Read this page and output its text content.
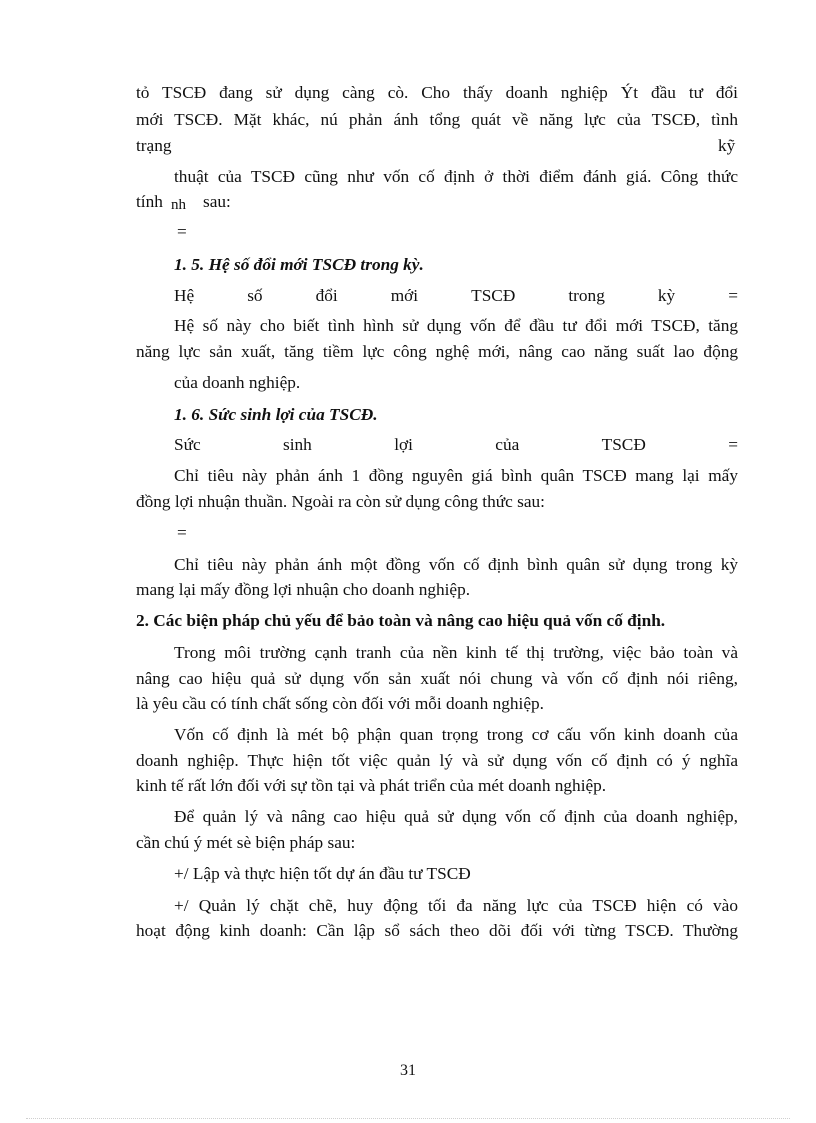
tỏ TSCĐ đang sử dụng càng cò. Cho thấy doanh nghiệp Ýt đầu tư đổi
mới TSCĐ. Mặt khác, nú phản ánh tổng quát về năng lực của TSCĐ, tình
trạng	kỹ
thuật của TSCĐ cũng như vốn cố định ở thời điểm đánh giá. Công thức
tính nh sau:
=
1. 5. Hệ số đổi mới TSCĐ trong kỳ.
Hệ	số	đổi	mới	TSCĐ	trong	kỳ	=
Hệ số này cho biết tình hình sử dụng vốn để đầu tư đổi mới TSCĐ, tăng
năng lực sản xuất, tăng tiềm lực công nghệ mới, nâng cao năng suất lao động
của doanh nghiệp.
1. 6. Sức sinh lợi của TSCĐ.
Sức	sinh	lợi	của	TSCĐ	=
Chỉ tiêu này phản ánh 1 đồng nguyên giá bình quân TSCĐ mang lại mấy
đồng lợi nhuận thuần. Ngoài ra còn sử dụng công thức sau:
=
Chỉ tiêu này phản ánh một đồng vốn cố định bình quân sử dụng trong kỳ
mang lại mấy đồng lợi nhuận cho doanh nghiệp.
2. Các biện pháp chủ yếu để bảo toàn và nâng cao hiệu quả vốn cố định.
Trong môi trường cạnh tranh của nền kinh tế thị trường, việc bảo toàn và
nâng cao hiệu quả sử dụng vốn sản xuất nói chung và vốn cố định nói riêng,
là yêu cầu có tính chất sống còn đối với mỗi doanh nghiệp.
Vốn cố định là mét bộ phận quan trọng trong cơ cấu vốn kinh doanh của
doanh nghiệp. Thực hiện tốt việc quản lý và sử dụng vốn cố định có ý nghĩa
kinh tế rất lớn đối với sự tồn tại và phát triển của mét doanh nghiệp.
Để quản lý và nâng cao hiệu quả sử dụng vốn cố định của doanh nghiệp,
cần chú ý mét sè biện pháp sau:
+/ Lập và thực hiện tốt dự án đầu tư TSCĐ
+/ Quản lý chặt chẽ, huy động tối đa năng lực của TSCĐ hiện có vào
hoạt động kinh doanh: Cần lập sổ sách theo dõi đối với từng TSCĐ. Thường
31
